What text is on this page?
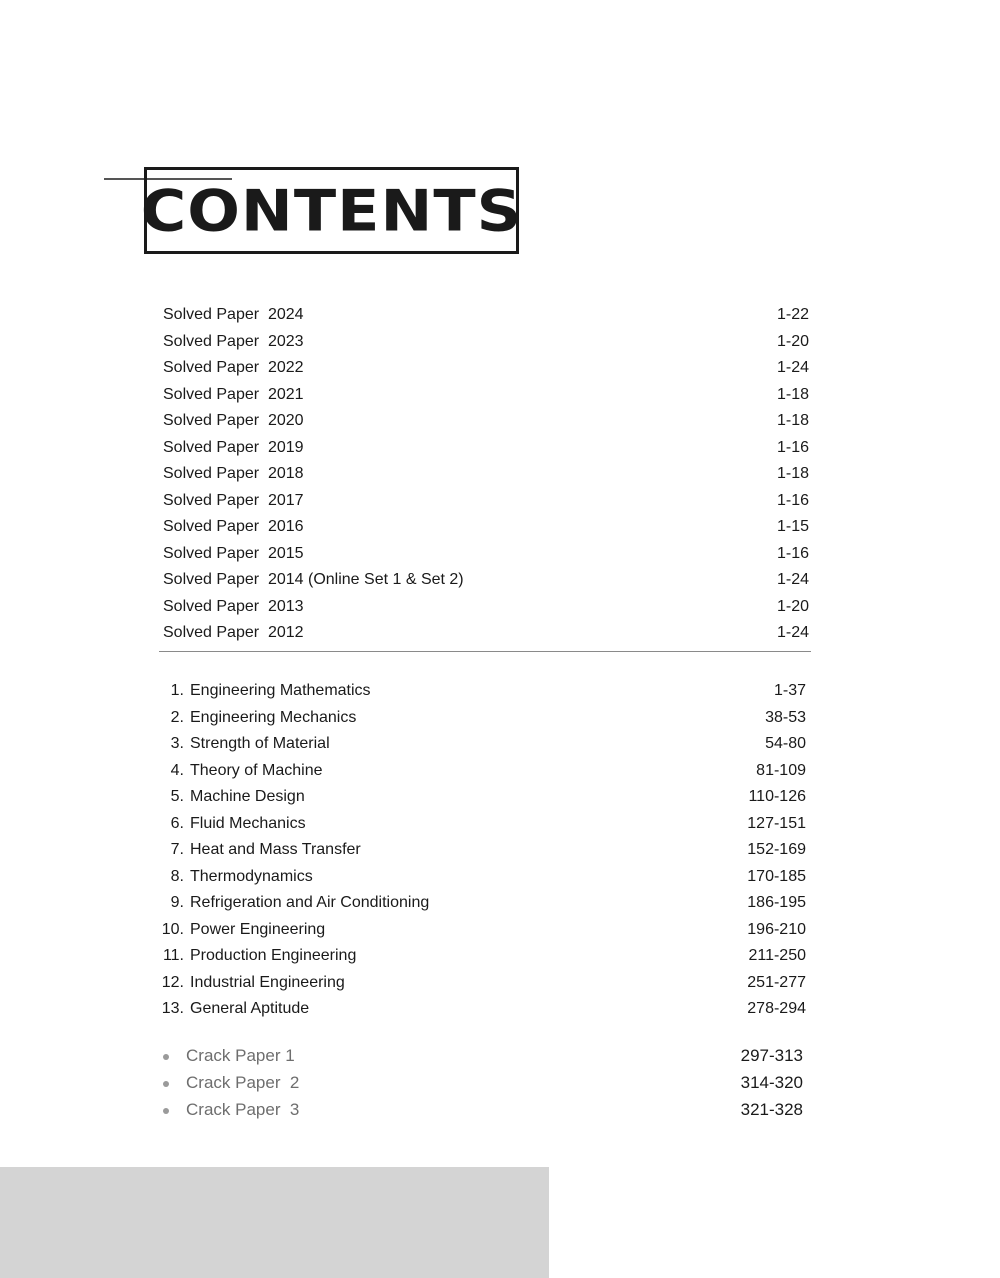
CONTENTS
Solved Paper  2024	1-22
Solved Paper  2023	1-20
Solved Paper  2022	1-24
Solved Paper  2021	1-18
Solved Paper  2020	1-18
Solved Paper  2019	1-16
Solved Paper  2018	1-18
Solved Paper  2017	1-16
Solved Paper  2016	1-15
Solved Paper  2015	1-16
Solved Paper  2014 (Online Set 1 & Set 2)	1-24
Solved Paper  2013	1-20
Solved Paper  2012	1-24
1. Engineering Mathematics	1-37
2. Engineering Mechanics	38-53
3. Strength of Material	54-80
4. Theory of Machine	81-109
5. Machine Design	110-126
6. Fluid Mechanics	127-151
7. Heat and Mass Transfer	152-169
8. Thermodynamics	170-185
9. Refrigeration and Air Conditioning	186-195
10. Power Engineering	196-210
11. Production Engineering	211-250
12. Industrial Engineering	251-277
13. General Aptitude	278-294
Crack Paper 1	297-313
Crack Paper  2	314-320
Crack Paper  3	321-328
